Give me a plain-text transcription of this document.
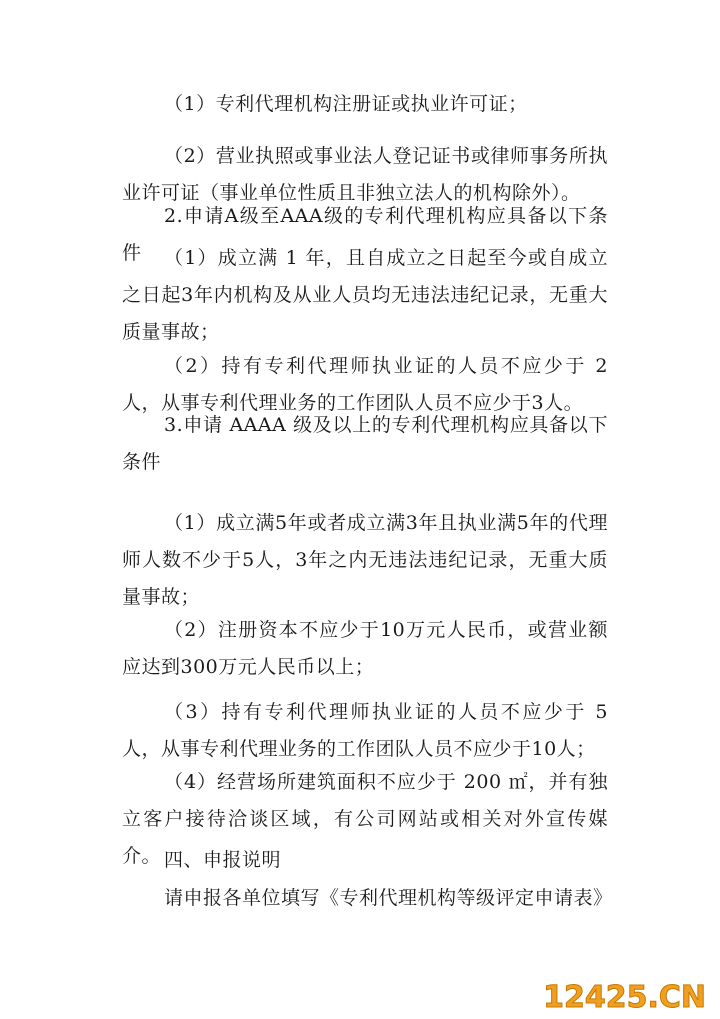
（1）专利代理机构注册证或执业许可证；

（2）营业执照或事业法人登记证书或律师事务所执业许可证（事业单位性质且非独立法人的机构除外）。

2.申请A级至AAA级的专利代理机构应具备以下条件	（1）成立满 1 年，且自成立之日起至今或自成立之日起3年内机构及从业人员均无违法违纪记录，无重大质量事故；

（2）持有专利代理师执业证的人员不应少于 2 人，从事专利代理业务的工作团队人员不应少于3人。

3.申请 AAAA 级及以上的专利代理机构应具备以下条件

（1）成立满5年或者成立满3年且执业满5年的代理师人数不少于5人，3年之内无违法违纪记录，无重大质量事故；

（2）注册资本不应少于10万元人民币，或营业额应达到300万元人民币以上；

（3）持有专利代理师执业证的人员不应少于 5 人，从事专利代理业务的工作团队人员不应少于10人；

（4）经营场所建筑面积不应少于 200 ㎡，并有独立客户接待洽谈区域，有公司网站或相关对外宣传媒介。 四、申报说明

请申报各单位填写《专利代理机构等级评定申请表》

12425.CN
